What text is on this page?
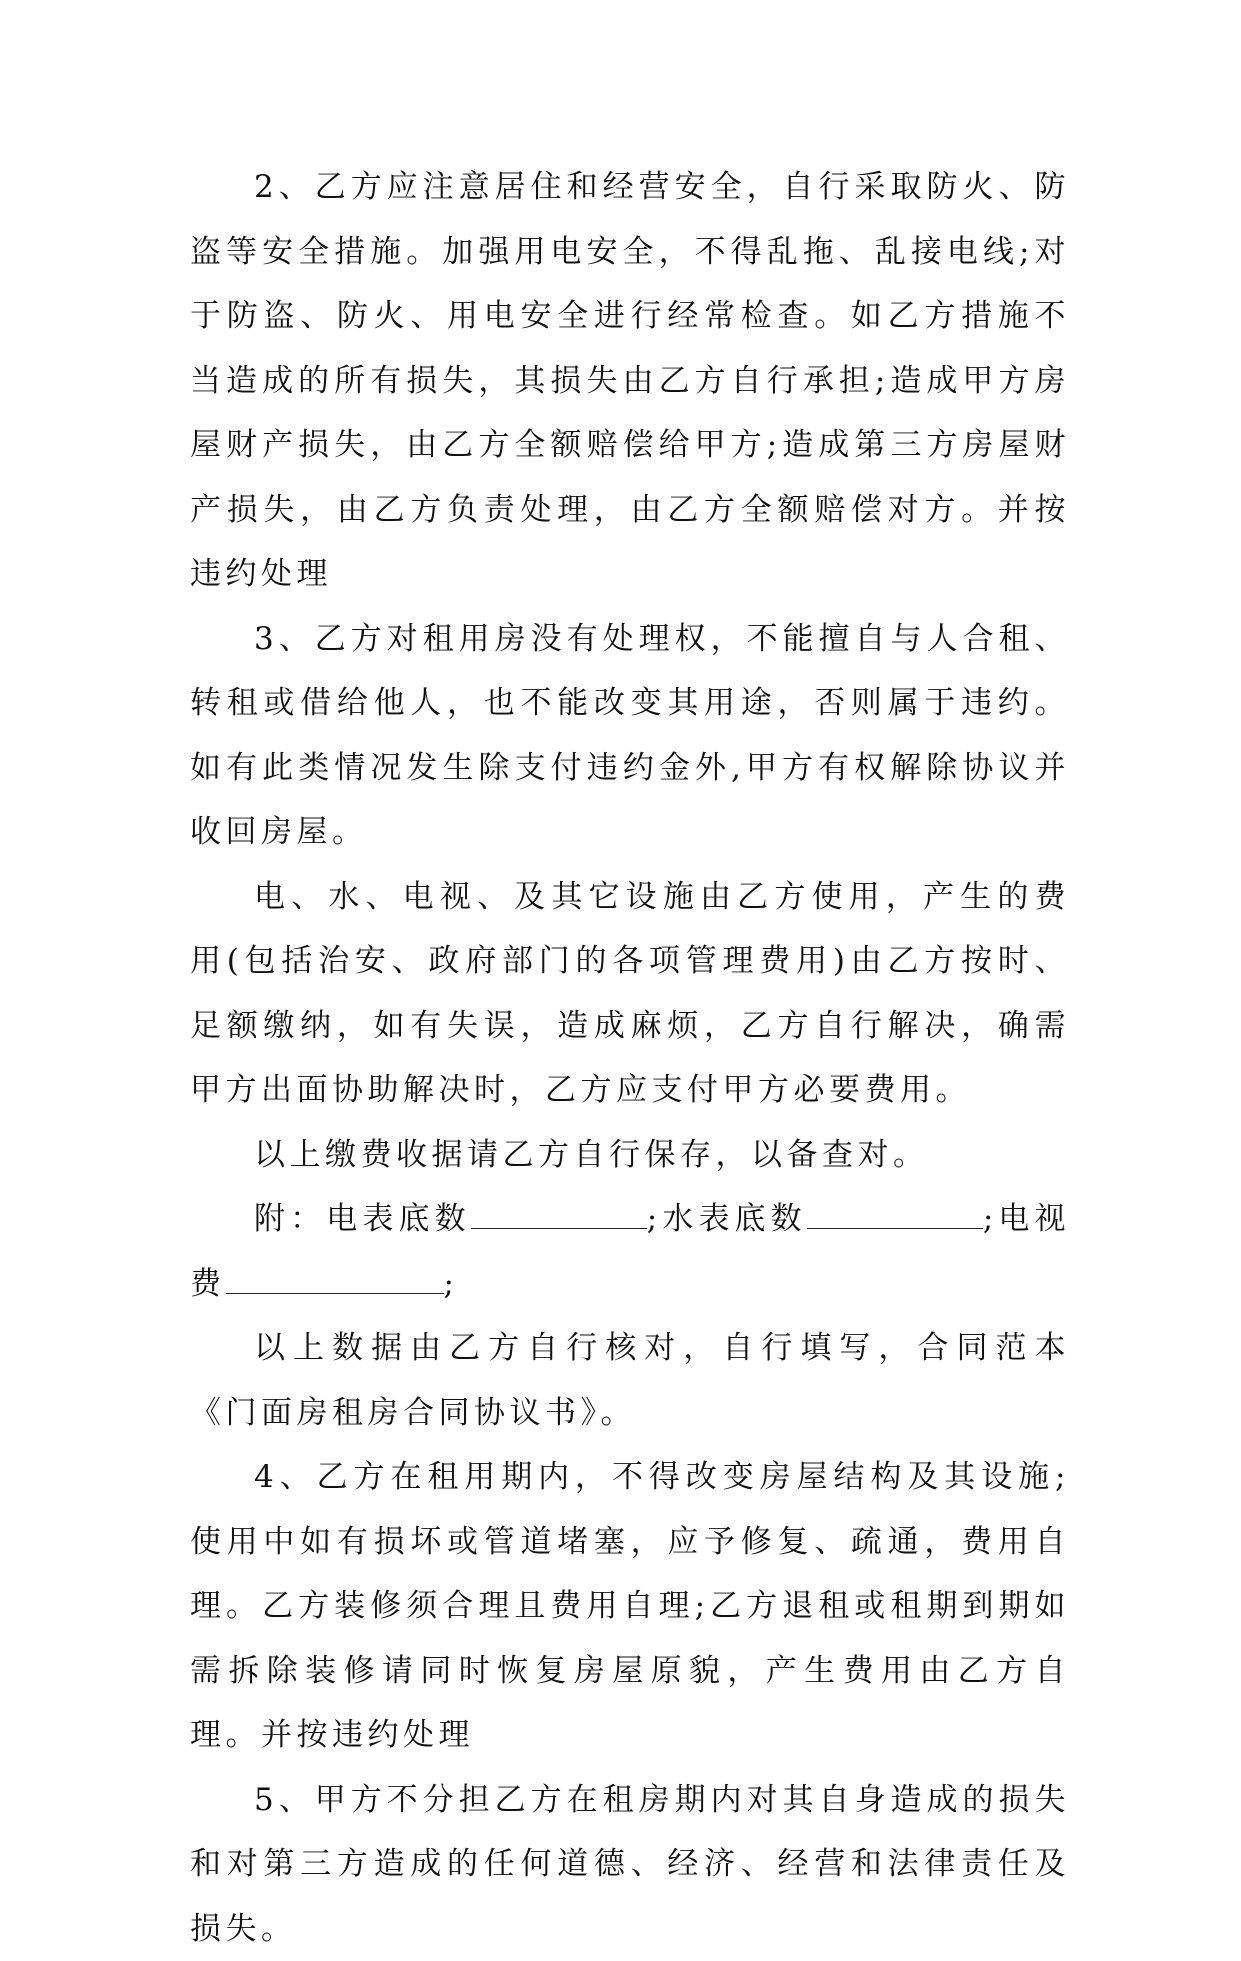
2、乙方应注意居住和经营安全，自行采取防火、防盗等安全措施。加强用电安全，不得乱拖、乱接电线;对于防盗、防火、用电安全进行经常检查。如乙方措施不当造成的所有损失，其损失由乙方自行承担;造成甲方房屋财产损失，由乙方全额赔偿给甲方;造成第三方房屋财产损失，由乙方负责处理，由乙方全额赔偿对方。并按违约处理

3、乙方对租用房没有处理权，不能擅自与人合租、转租或借给他人，也不能改变其用途，否则属于违约。如有此类情况发生除支付违约金外,甲方有权解除协议并收回房屋。

电、水、电视、及其它设施由乙方使用，产生的费用(包括治安、政府部门的各项管理费用)由乙方按时、足额缴纳，如有失误，造成麻烦，乙方自行解决，确需甲方出面协助解决时，乙方应支付甲方必要费用。

以上缴费收据请乙方自行保存，以备查对。

附：电表底数	;水表底数	;电视费	;

以上数据由乙方自行核对，自行填写，合同范本《门面房租房合同协议书》。

4、乙方在租用期内，不得改变房屋结构及其设施;使用中如有损坏或管道堵塞，应予修复、疏通，费用自理。乙方装修须合理且费用自理;乙方退租或租期到期如需拆除装修请同时恢复房屋原貌，产生费用由乙方自理。并按违约处理

5、甲方不分担乙方在租房期内对其自身造成的损失和对第三方造成的任何道德、经济、经营和法律责任及损失。
